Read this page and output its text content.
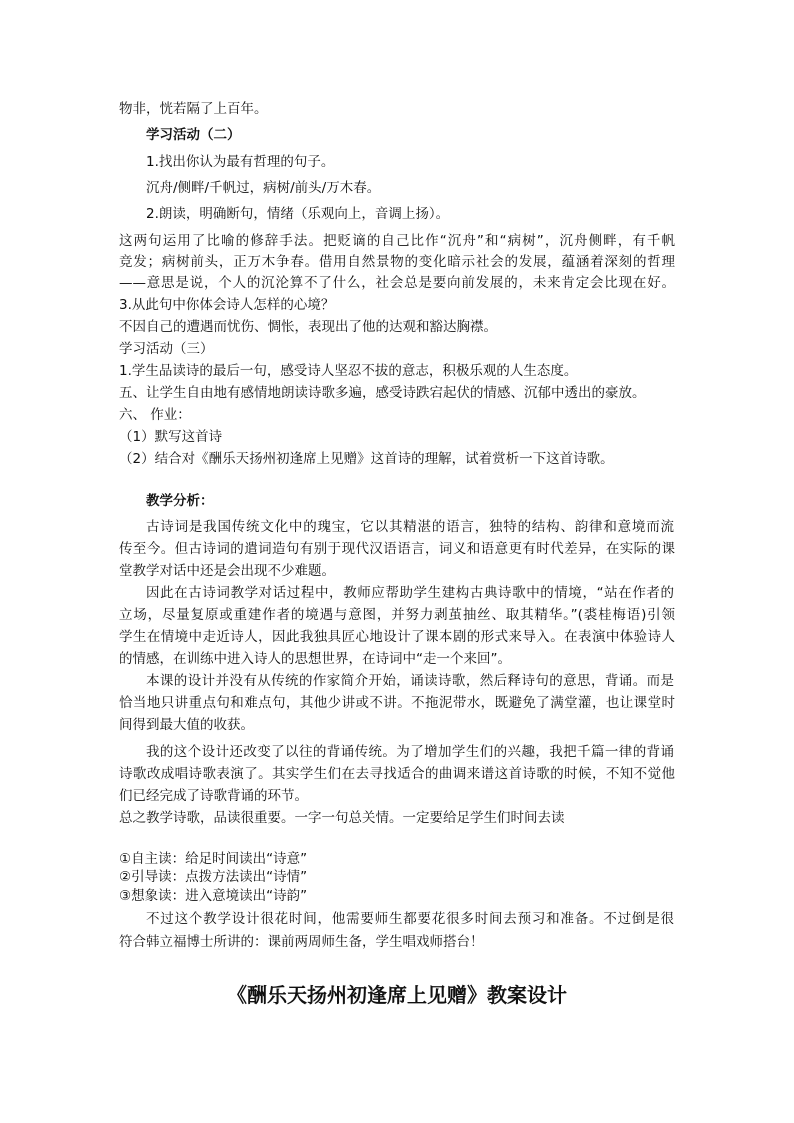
物非，恍若隔了上百年。
学习活动（二）
1.找出你认为最有哲理的句子。
沉舟/侧畔/千帆过，病树/前头/万木春。
2.朗读，明确断句，情绪（乐观向上，音调上扬）。
这两句运用了比喻的修辞手法。把贬谪的自己比作“沉舟”和“病树”，沉舟侧畔，有千帆
竞发；病树前头，正万木争春。借用自然景物的变化暗示社会的发展，蕴涵着深刻的哲理
——意思是说，个人的沉沦算不了什么，社会总是要向前发展的，未来肯定会比现在好。
3.从此句中你体会诗人怎样的心境？
不因自己的遭遇而忧伤、惆怅，表现出了他的达观和豁达胸襟。
学习活动（三）
1.学生品读诗的最后一句，感受诗人坚忍不拔的意志，积极乐观的人生态度。
五、让学生自由地有感情地朗读诗歌多遍，感受诗跌宕起伏的情感、沉郁中透出的豪放。
六、 作业：
（1）默写这首诗
（2）结合对《酬乐天扬州初逢席上见赠》这首诗的理解，试着赏析一下这首诗歌。
教学分析：
古诗词是我国传统文化中的瑰宝，它以其精湛的语言，独特的结构、韵律和意境而流
传至今。但古诗词的遣词造句有别于现代汉语语言，词义和语意更有时代差异，在实际的课
堂教学对话中还是会出现不少难题。
因此在古诗词教学对话过程中，教师应帮助学生建构古典诗歌中的情境，“站在作者的
立场，尽量复原或重建作者的境遇与意图，并努力剥茧抽丝、取其精华。”(裘桂梅语)引领
学生在情境中走近诗人，因此我独具匠心地设计了课本剧的形式来导入。在表演中体验诗人
的情感，在训练中进入诗人的思想世界，在诗词中“走一个来回”。
本课的设计并没有从传统的作家简介开始，诵读诗歌，然后释诗句的意思，背诵。而是
恰当地只讲重点句和难点句，其他少讲或不讲。不拖泥带水，既避免了满堂灌，也让课堂时
间得到最大值的收获。
我的这个设计还改变了以往的背诵传统。为了增加学生们的兴趣，我把千篇一律的背诵
诗歌改成唱诗歌表演了。其实学生们在去寻找适合的曲调来谱这首诗歌的时候，不知不觉他
们已经完成了诗歌背诵的环节。
总之教学诗歌，品读很重要。一字一句总关情。一定要给足学生们时间去读
①自主读：给足时间读出“诗意”
②引导读：点拨方法读出“诗情”
③想象读：进入意境读出“诗韵”
不过这个教学设计很花时间，他需要师生都要花很多时间去预习和准备。不过倒是很
符合韩立福博士所讲的：课前两周师生备，学生唱戏师搭台！
《酬乐天扬州初逢席上见赠》教案设计
